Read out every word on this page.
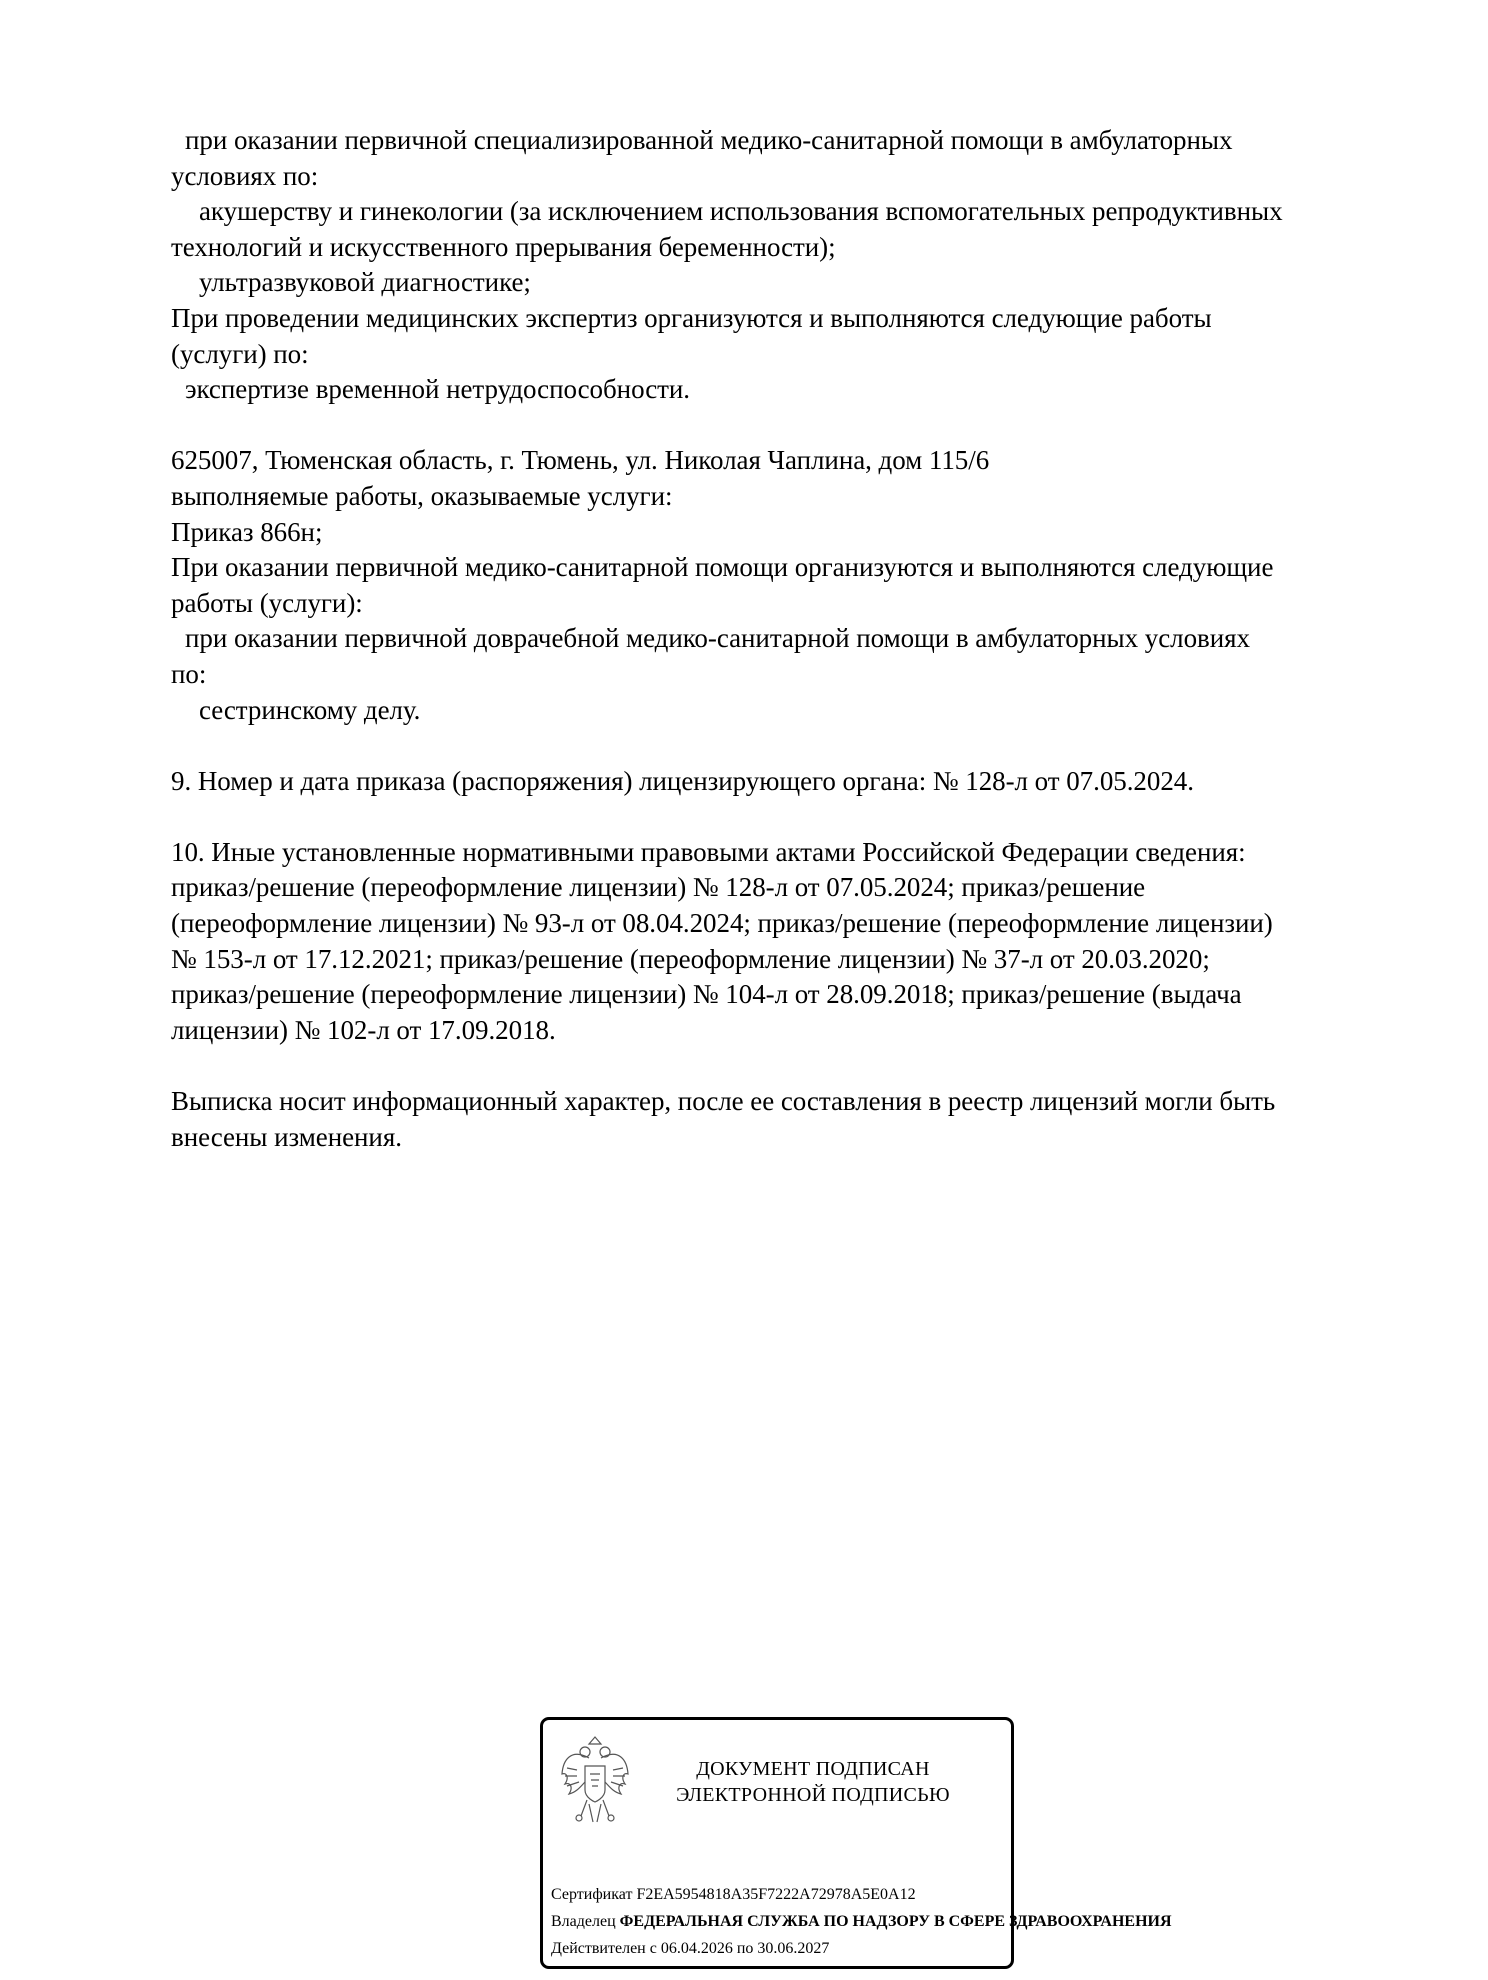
при оказании первичной специализированной медико-санитарной помощи в амбулаторных
условиях по:
акушерству и гинекологии (за исключением использования вспомогательных репродуктивных
технологий и искусственного прерывания беременности);
ультразвуковой диагностике;
При проведении медицинских экспертиз организуются и выполняются следующие работы
(услуги) по:
экспертизе временной нетрудоспособности.
625007, Тюменская область, г. Тюмень, ул. Николая Чаплина, дом 115/6
выполняемые работы, оказываемые услуги:
Приказ 866н;
При оказании первичной медико-санитарной помощи организуются и выполняются следующие
работы (услуги):
при оказании первичной доврачебной медико-санитарной помощи в амбулаторных условиях
по:
сестринскому делу.
9. Номер и дата приказа (распоряжения) лицензирующего органа: № 128-л от 07.05.2024.
10. Иные установленные нормативными правовыми актами Российской Федерации сведения:
приказ/решение (переоформление лицензии) № 128-л от 07.05.2024; приказ/решение
(переоформление лицензии) № 93-л от 08.04.2024; приказ/решение (переоформление лицензии)
№ 153-л от 17.12.2021; приказ/решение (переоформление лицензии) № 37-л от 20.03.2020;
приказ/решение (переоформление лицензии) № 104-л от 28.09.2018; приказ/решение (выдача
лицензии) № 102-л от 17.09.2018.
Выписка носит информационный характер, после ее составления в реестр лицензий могли быть
внесены изменения.
ДОКУМЕНТ ПОДПИСАН
ЭЛЕКТРОННОЙ ПОДПИСЬЮ
Сертификат F2EA5954818A35F7222A72978A5E0A12
Владелец ФЕДЕРАЛЬНАЯ СЛУЖБА ПО НАДЗОРУ В СФЕРЕ ЗДРАВООХРАНЕНИЯ
Действителен с 06.04.2026 по 30.06.2027
